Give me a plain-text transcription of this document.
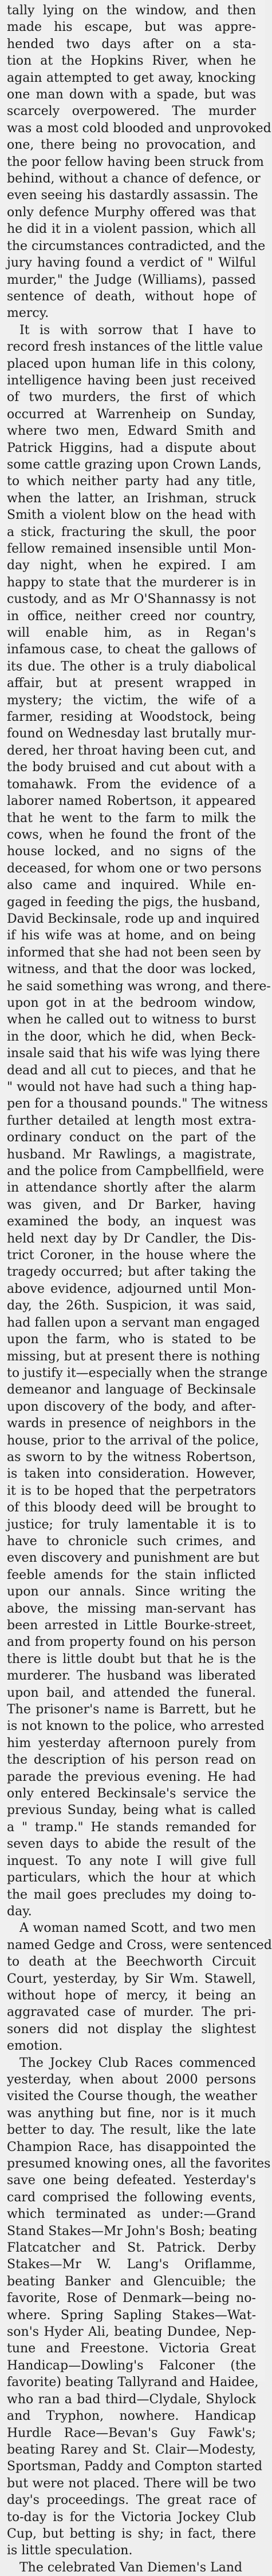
tally lying on the window, and then
made his escape, but was appre-
hended two days after on a sta-
tion at the Hopkins River, when he
again attempted to get away, knocking
one man down with a spade, but was
scarcely overpowered. The murder
was a most cold blooded and unprovoked
one, there being no provocation, and
the poor fellow having been struck from
behind, without a chance of defence, or
even seeing his dastardly assassin. The
only defence Murphy offered was that
he did it in a violent passion, which all
the circumstances contradicted, and the
jury having found a verdict of " Wilful
murder," the Judge (Williams), passed
sentence of death, without hope of
mercy.

It is with sorrow that I have to
record fresh instances of the little value
placed upon human life in this colony,
intelligence having been just received
of two murders, the first of which
occurred at Warrenheip on Sunday,
where two men, Edward Smith and
Patrick Higgins, had a dispute about
some cattle grazing upon Crown Lands,
to which neither party had any title,
when the latter, an Irishman, struck
Smith a violent blow on the head with
a stick, fracturing the skull, the poor
fellow remained insensible until Mon-
day night, when he expired. I am
happy to state that the murderer is in
custody, and as Mr O'Shannassy is not
in office, neither creed nor country,
will enable him, as in Regan's
infamous case, to cheat the gallows of
its due. The other is a truly diabolical
affair, but at present wrapped in
mystery; the victim, the wife of a
farmer, residing at Woodstock, being
found on Wednesday last brutally mur-
dered, her throat having been cut, and
the body bruised and cut about with a
tomahawk. From the evidence of a
laborer named Robertson, it appeared
that he went to the farm to milk the
cows, when he found the front of the
house locked, and no signs of the
deceased, for whom one or two persons
also came and inquired. While en-
gaged in feeding the pigs, the husband,
David Beckinsale, rode up and inquired
if his wife was at home, and on being
informed that she had not been seen by
witness, and that the door was locked,
he said something was wrong, and there-
upon got in at the bedroom window,
when he called out to witness to burst
in the door, which he did, when Beck-
insale said that his wife was lying there
dead and all cut to pieces, and that he
" would not have had such a thing hap-
pen for a thousand pounds." The witness
further detailed at length most extra-
ordinary conduct on the part of the
husband. Mr Rawlings, a magistrate,
and the police from Campbellfield, were
in attendance shortly after the alarm
was given, and Dr Barker, having
examined the body, an inquest was
held next day by Dr Candler, the Dis-
trict Coroner, in the house where the
tragedy occurred; but after taking the
above evidence, adjourned until Mon-
day, the 26th. Suspicion, it was said,
had fallen upon a servant man engaged
upon the farm, who is stated to be
missing, but at present there is nothing
to justify it—especially when the strange
demeanor and language of Beckinsale
upon discovery of the body, and after-
wards in presence of neighbors in the
house, prior to the arrival of the police,
as sworn to by the witness Robertson,
is taken into consideration. However,
it is to be hoped that the perpetrators
of this bloody deed will be brought to
justice; for truly lamentable it is to
have to chronicle such crimes, and
even discovery and punishment are but
feeble amends for the stain inflicted
upon our annals. Since writing the
above, the missing man-servant has
been arrested in Little Bourke-street,
and from property found on his person
there is little doubt but that he is the
murderer. The husband was liberated
upon bail, and attended the funeral.
The prisoner's name is Barrett, but he
is not known to the police, who arrested
him yesterday afternoon purely from
the description of his person read on
parade the previous evening. He had
only entered Beckinsale's service the
previous Sunday, being what is called
a " tramp." He stands remanded for
seven days to abide the result of the
inquest. To any note I will give full
particulars, which the hour at which
the mail goes precludes my doing to-
day.

A woman named Scott, and two men
named Gedge and Cross, were sentenced
to death at the Beechworth Circuit
Court, yesterday, by Sir Wm. Stawell,
without hope of mercy, it being an
aggravated case of murder. The pri-
soners did not display the slightest
emotion.

The Jockey Club Races commenced
yesterday, when about 2000 persons
visited the Course though, the weather
was anything but fine, nor is it much
better to day. The result, like the late
Champion Race, has disappointed the
presumed knowing ones, all the favorites
save one being defeated. Yesterday's
card comprised the following events,
which terminated as under:—Grand
Stand Stakes—Mr John's Bosh; beating
Flatcatcher and St. Patrick. Derby
Stakes—Mr W. Lang's Oriflamme,
beating Banker and Glencuible; the
favorite, Rose of Denmark—being no-
where. Spring Sapling Stakes—Wat-
son's Hyder Ali, beating Dundee, Nep-
tune and Freestone. Victoria Great
Handicap—Dowling's Falconer (the
favorite) beating Tallyrand and Haidee,
who ran a bad third—Clydale, Shylock
and Tryphon, nowhere. Handicap
Hurdle Race—Bevan's Guy Fawk's;
beating Rarey and St. Clair—Modesty,
Sportsman, Paddy and Compton started
but were not placed. There will be two
day's proceedings. The great race of
to-day is for the Victoria Jockey Club
Cup, but betting is shy; in fact, there
is little speculation.

The celebrated Van Diemen's Land
